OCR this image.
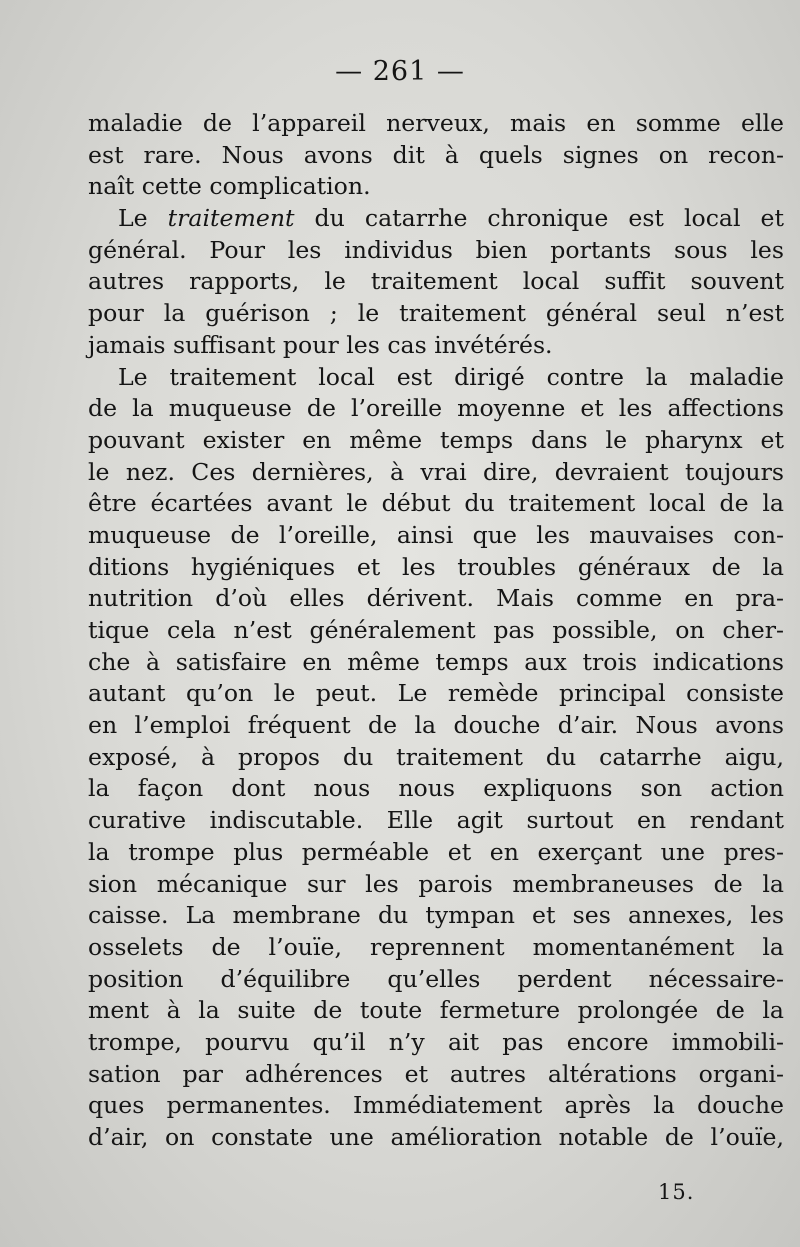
— 261 —
maladie de l’appareil nerveux, mais en somme elle
est rare. Nous avons dit à quels signes on recon-
naît cette complication.
Le traitement du catarrhe chronique est local et
général. Pour les individus bien portants sous les
autres rapports, le traitement local suffit souvent
pour la guérison ; le traitement général seul n’est
jamais suffisant pour les cas invétérés.
Le traitement local est dirigé contre la maladie
de la muqueuse de l’oreille moyenne et les affections
pouvant exister en même temps dans le pharynx et
le nez. Ces dernières, à vrai dire, devraient toujours
être écartées avant le début du traitement local de la
muqueuse de l’oreille, ainsi que les mauvaises con-
ditions hygiéniques et les troubles généraux de la
nutrition d’où elles dérivent. Mais comme en pra-
tique cela n’est généralement pas possible, on cher-
che à satisfaire en même temps aux trois indications
autant qu’on le peut. Le remède principal consiste
en l’emploi fréquent de la douche d’air. Nous avons
exposé, à propos du traitement du catarrhe aigu,
la façon dont nous nous expliquons son action
curative indiscutable. Elle agit surtout en rendant
la trompe plus perméable et en exerçant une pres-
sion mécanique sur les parois membraneuses de la
caisse. La membrane du tympan et ses annexes, les
osselets de l’ouïe, reprennent momentanément la
position d’équilibre qu’elles perdent nécessaire-
ment à la suite de toute fermeture prolongée de la
trompe, pourvu qu’il n’y ait pas encore immobili-
sation par adhérences et autres altérations organi-
ques permanentes. Immédiatement après la douche
d’air, on constate une amélioration notable de l’ouïe,
15.
